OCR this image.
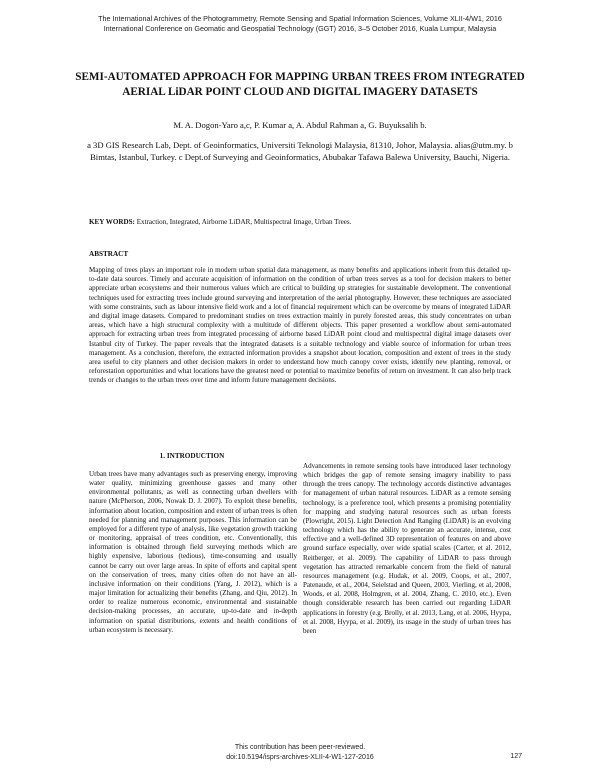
The International Archives of the Photogrammetry, Remote Sensing and Spatial Information Sciences, Volume XLII-4/W1, 2016
International Conference on Geomatic and Geospatial Technology (GGT) 2016, 3–5 October 2016, Kuala Lumpur, Malaysia
SEMI-AUTOMATED APPROACH FOR MAPPING URBAN TREES FROM INTEGRATED AERIAL LiDAR POINT CLOUD AND DIGITAL IMAGERY DATASETS
M. A. Dogon-Yaro a,c, P. Kumar a, A. Abdul Rahman a, G. Buyuksalih b.
a 3D GIS Research Lab, Dept. of Geoinformatics, Universiti Teknologi Malaysia, 81310, Johor, Malaysia. alias@utm.my. b Bimtas, Istanbul, Turkey. c Dept.of Surveying and Geoinformatics, Abubakar Tafawa Balewa University, Bauchi, Nigeria.
KEY WORDS: Extraction, Integrated, Airborne LiDAR, Multispectral Image, Urban Trees.
ABSTRACT
Mapping of trees plays an important role in modern urban spatial data management, as many benefits and applications inherit from this detailed up-to-date data sources. Timely and accurate acquisition of information on the condition of urban trees serves as a tool for decision makers to better appreciate urban ecosystems and their numerous values which are critical to building up strategies for sustainable development. The conventional techniques used for extracting trees include ground surveying and interpretation of the aerial photography. However, these techniques are associated with some constraints, such as labour intensive field work and a lot of financial requirement which can be overcome by means of integrated LiDAR and digital image datasets. Compared to predominant studies on trees extraction mainly in purely forested areas, this study concentrates on urban areas, which have a high structural complexity with a multitude of different objects. This paper presented a workflow about semi-automated approach for extracting urban trees from integrated processing of airborne based LiDAR point cloud and multispectral digital image datasets over Istanbul city of Turkey. The paper reveals that the integrated datasets is a suitable technology and viable source of information for urban trees management. As a conclusion, therefore, the extracted information provides a snapshot about location, composition and extent of trees in the study area useful to city planners and other decision makers in order to understand how much canopy cover exists, identify new planting, removal, or reforestation opportunities and what locations have the greatest need or potential to maximize benefits of return on investment. It can also help track trends or changes to the urban trees over time and inform future management decisions.
1. INTRODUCTION
Urban trees have many advantages such as preserving energy, improving water quality, minimizing greenhouse gasses and many other environmental pollutants, as well as connecting urban dwellers with nature (McPherson, 2006, Nowak D. J. 2007). To exploit these benefits, information about location, composition and extent of urban trees is often needed for planning and management purposes. This information can be employed for a different type of analysis, like vegetation growth tracking or monitoring, appraisal of trees condition, etc. Conventionally, this information is obtained through field surveying methods which are highly expensive, laborious (tedious), time-consuming and usually cannot be carry out over large areas. In spite of efforts and capital spent on the conservation of trees, many cities often do not have an all-inclusive information on their conditions (Yang, J. 2012), which is a major limitation for actualizing their benefits (Zhang, and Qiu, 2012). In order to realize numerous economic, environmental and sustainable decision-making processes, an accurate, up-to-date and in-depth information on spatial distributions, extents and health conditions of urban ecosystem is necessary.
Advancements in remote sensing tools have introduced laser technology which bridges the gap of remote sensing imagery inability to pass through the trees canopy. The technology accords distinctive advantages for management of urban natural resources. LiDAR as a remote sensing technology, is a preference tool, which presents a promising potentiality for mapping and studying natural resources such as urban forests (Plowright, 2015). Light Detection And Ranging (LiDAR) is an evolving technology which has the ability to generate an accurate, intense, cost effective and a well-defined 3D representation of features on and above ground surface especially, over wide spatial scales (Carter, et al. 2012, Reitberger, et al. 2009). The capability of LiDAR to pass through vegetation has attracted remarkable concern from the field of natural resources management (e.g. Hudak, et al. 2009, Coops, et al., 2007, Patenaude, et al., 2004, Seielstad and Queen, 2003, Vierling, et al, 2008, Woods, et al. 2008, Holmgren, et al. 2004, Zhang, C. 2010, etc.). Even though considerable research has been carried out regarding LiDAR applications in forestry (e.g. Brolly, et al. 2013, Lang, et al. 2006, Hyypa, et al. 2008, Hyypa, et al. 2009), its usage in the study of urban trees has been
This contribution has been peer-reviewed.
doi:10.5194/isprs-archives-XLII-4-W1-127-2016	127
